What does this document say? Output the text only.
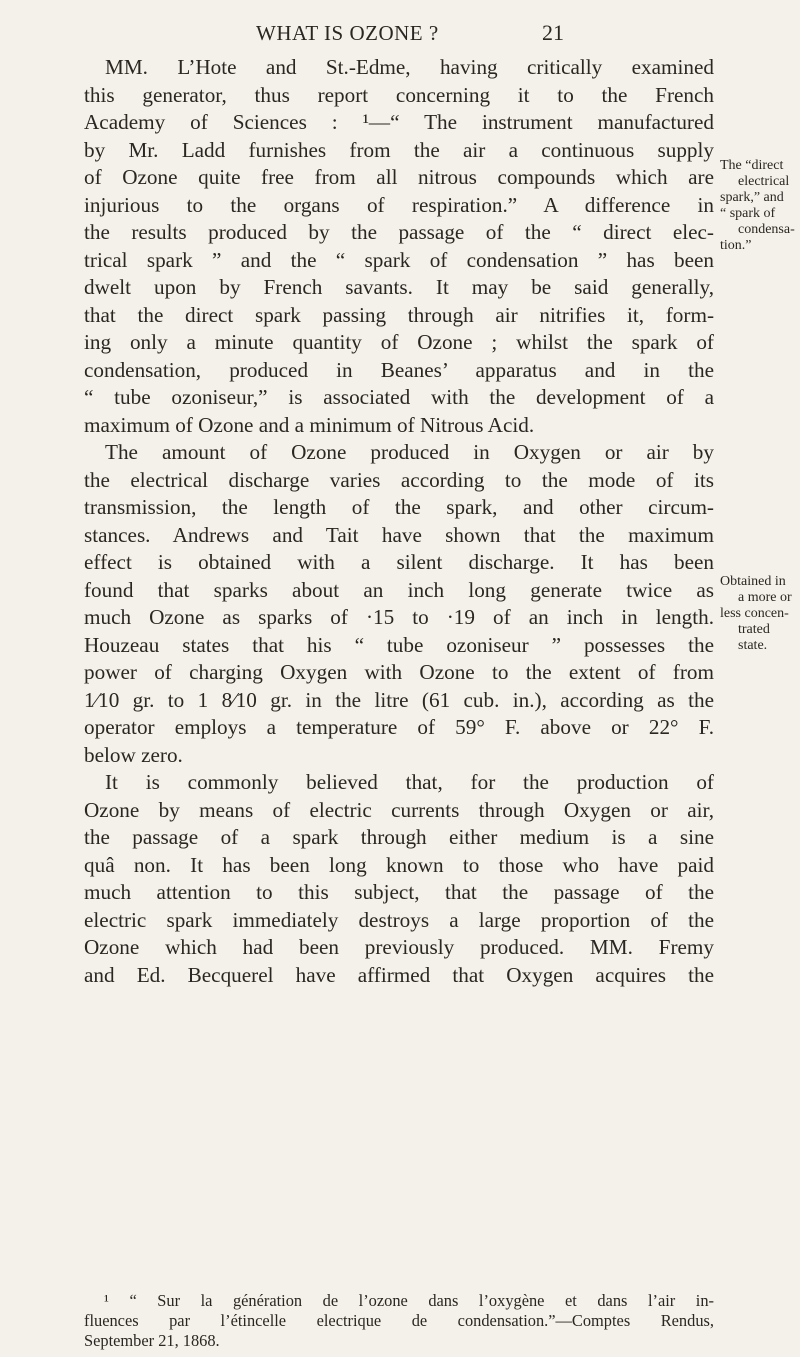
WHAT IS OZONE ?	21

MM. L’Hote and St.-Edme, having critically examined
this generator, thus report concerning it to the French
Academy of Sciences : ¹—“ The instrument manufactured
by Mr. Ladd furnishes from the air a continuous supply
of Ozone quite free from all nitrous compounds which are
injurious to the organs of respiration.” A difference in
the results produced by the passage of the “ direct elec-
trical spark ” and the “ spark of condensation ” has been
dwelt upon by French savants. It may be said generally,
that the direct spark passing through air nitrifies it, form-
ing only a minute quantity of Ozone ; whilst the spark of
condensation, produced in Beanes’ apparatus and in the
“ tube ozoniseur,” is associated with the development of a
maximum of Ozone and a minimum of Nitrous Acid.

The amount of Ozone produced in Oxygen or air by
the electrical discharge varies according to the mode of its
transmission, the length of the spark, and other circum-
stances. Andrews and Tait have shown that the maximum
effect is obtained with a silent discharge. It has been
found that sparks about an inch long generate twice as
much Ozone as sparks of ·15 to ·19 of an inch in length.
Houzeau states that his “ tube ozoniseur ” possesses the
power of charging Oxygen with Ozone to the extent of from
1⁄10 gr. to 1 8⁄10 gr. in the litre (61 cub. in.), according as the
operator employs a temperature of 59° F. above or 22° F.
below zero.

It is commonly believed that, for the production of
Ozone by means of electric currents through Oxygen or air,
the passage of a spark through either medium is a sine
quâ non. It has been long known to those who have paid
much attention to this subject, that the passage of the
electric spark immediately destroys a large proportion of the
Ozone which had been previously produced. MM. Fremy
and Ed. Becquerel have affirmed that Oxygen acquires the

The “direct
electrical
spark,” and
“ spark of
condensa-
tion.”
Obtained in
a more or
less concen-
trated
state.
¹ “ Sur la génération de l’ozone dans l’oxygène et dans l’air in-
fluences par l’étincelle electrique de condensation.”—Comptes Rendus,
September 21, 1868.
